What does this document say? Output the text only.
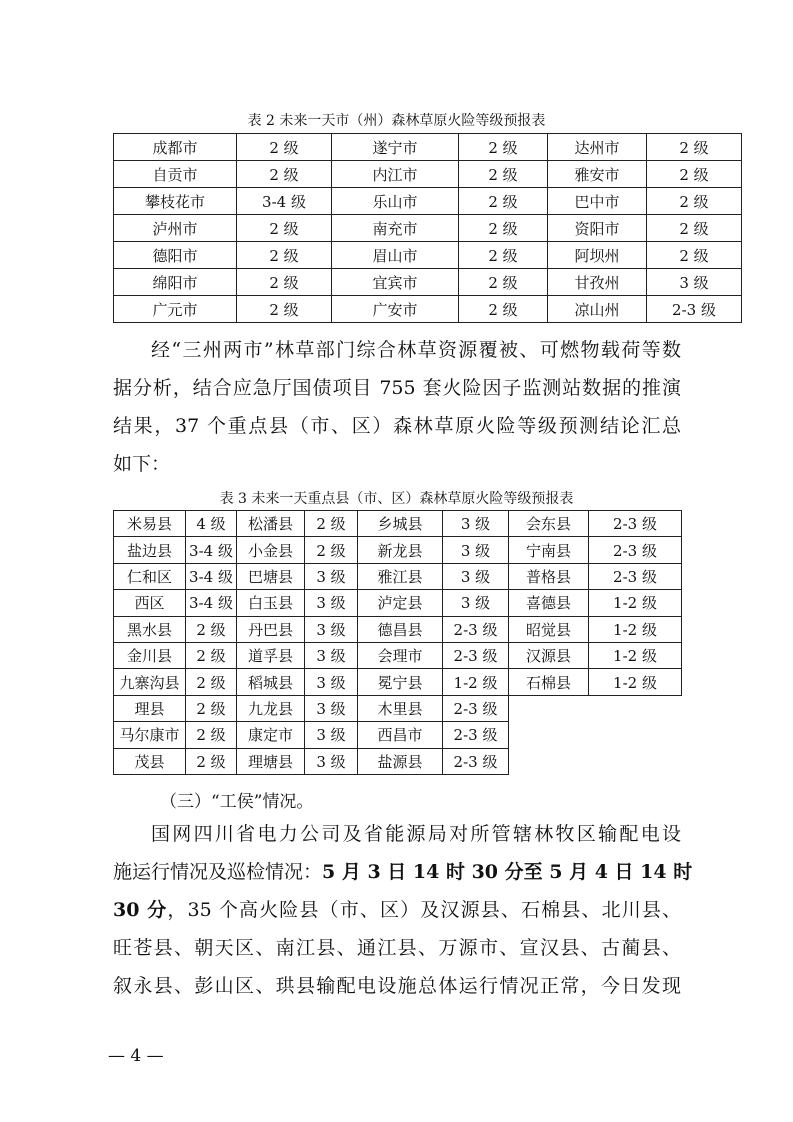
表 2 未来一天市（州）森林草原火险等级预报表
成都市	2 级	遂宁市	2 级	达州市	2 级
自贡市	2 级	内江市	2 级	雅安市	2 级
攀枝花市	3-4 级	乐山市	2 级	巴中市	2 级
泸州市	2 级	南充市	2 级	资阳市	2 级
德阳市	2 级	眉山市	2 级	阿坝州	2 级
绵阳市	2 级	宜宾市	2 级	甘孜州	3 级
广元市	2 级	广安市	2 级	凉山州	2-3 级
经“三州两市”林草部门综合林草资源覆被、可燃物载荷等数
据分析，结合应急厅国债项目 755 套火险因子监测站数据的推演
结果，37 个重点县（市、区）森林草原火险等级预测结论汇总
如下：
表 3 未来一天重点县（市、区）森林草原火险等级预报表
米易县	4 级	松潘县	2 级	乡城县	3 级	会东县	2-3 级
盐边县	3-4 级	小金县	2 级	新龙县	3 级	宁南县	2-3 级
仁和区	3-4 级	巴塘县	3 级	雅江县	3 级	普格县	2-3 级
西区	3-4 级	白玉县	3 级	泸定县	3 级	喜德县	1-2 级
黑水县	2 级	丹巴县	3 级	德昌县	2-3 级	昭觉县	1-2 级
金川县	2 级	道孚县	3 级	会理市	2-3 级	汉源县	1-2 级
九寨沟县	2 级	稻城县	3 级	冕宁县	1-2 级	石棉县	1-2 级
理县	2 级	九龙县	3 级	木里县	2-3 级		
马尔康市	2 级	康定市	3 级	西昌市	2-3 级		
茂县	2 级	理塘县	3 级	盐源县	2-3 级		
（三）“工侯”情况。
国网四川省电力公司及省能源局对所管辖林牧区输配电设
施运行情况及巡检情况：5 月 3 日 14 时 30 分至 5 月 4 日 14 时
30 分，35 个高火险县（市、区）及汉源县、石棉县、北川县、
旺苍县、朝天区、南江县、通江县、万源市、宣汉县、古蔺县、
叙永县、彭山区、珙县输配电设施总体运行情况正常，今日发现
— 4 —
